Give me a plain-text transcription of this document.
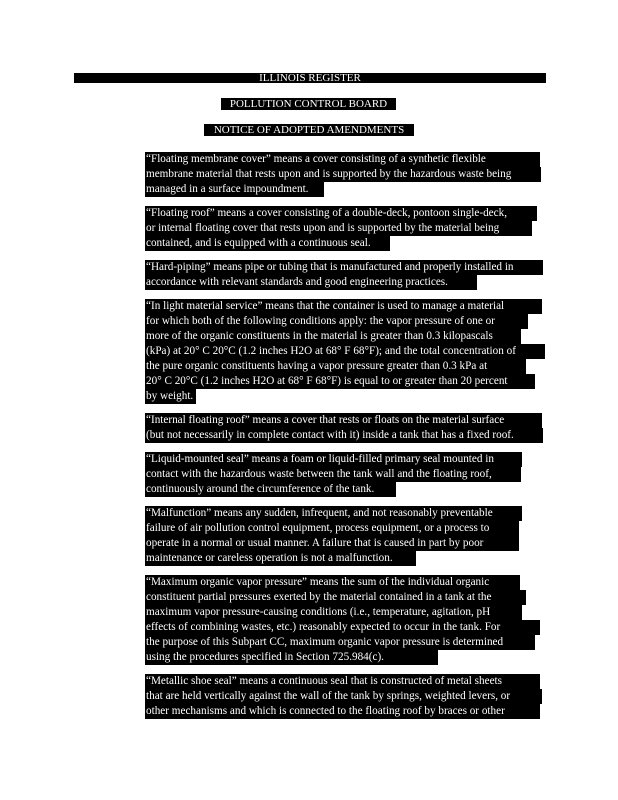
ILLINOIS REGISTER
POLLUTION CONTROL BOARD
NOTICE OF ADOPTED AMENDMENTS
“Floating membrane cover” means a cover consisting of a synthetic flexible
membrane material that rests upon and is supported by the hazardous waste being
managed in a surface impoundment.
“Floating roof” means a cover consisting of a double-deck, pontoon single-deck,
or internal floating cover that rests upon and is supported by the material being
contained, and is equipped with a continuous seal.
“Hard-piping” means pipe or tubing that is manufactured and properly installed in
accordance with relevant standards and good engineering practices.
“In light material service” means that the container is used to manage a material
for which both of the following conditions apply: the vapor pressure of one or
more of the organic constituents in the material is greater than 0.3 kilopascals
(kPa) at 20° C 20°C (1.2 inches H2O at 68° F 68°F); and the total concentration of
the pure organic constituents having a vapor pressure greater than 0.3 kPa at
20° C 20°C (1.2 inches H2O at 68° F 68°F) is equal to or greater than 20 percent
by weight.
“Internal floating roof” means a cover that rests or floats on the material surface
(but not necessarily in complete contact with it) inside a tank that has a fixed roof.
“Liquid-mounted seal” means a foam or liquid-filled primary seal mounted in
contact with the hazardous waste between the tank wall and the floating roof,
continuously around the circumference of the tank.
“Malfunction” means any sudden, infrequent, and not reasonably preventable
failure of air pollution control equipment, process equipment, or a process to
operate in a normal or usual manner. A failure that is caused in part by poor
maintenance or careless operation is not a malfunction.
“Maximum organic vapor pressure” means the sum of the individual organic
constituent partial pressures exerted by the material contained in a tank at the
maximum vapor pressure-causing conditions (i.e., temperature, agitation, pH
effects of combining wastes, etc.) reasonably expected to occur in the tank. For
the purpose of this Subpart CC, maximum organic vapor pressure is determined
using the procedures specified in Section 725.984(c).
“Metallic shoe seal” means a continuous seal that is constructed of metal sheets
that are held vertically against the wall of the tank by springs, weighted levers, or
other mechanisms and which is connected to the floating roof by braces or other
